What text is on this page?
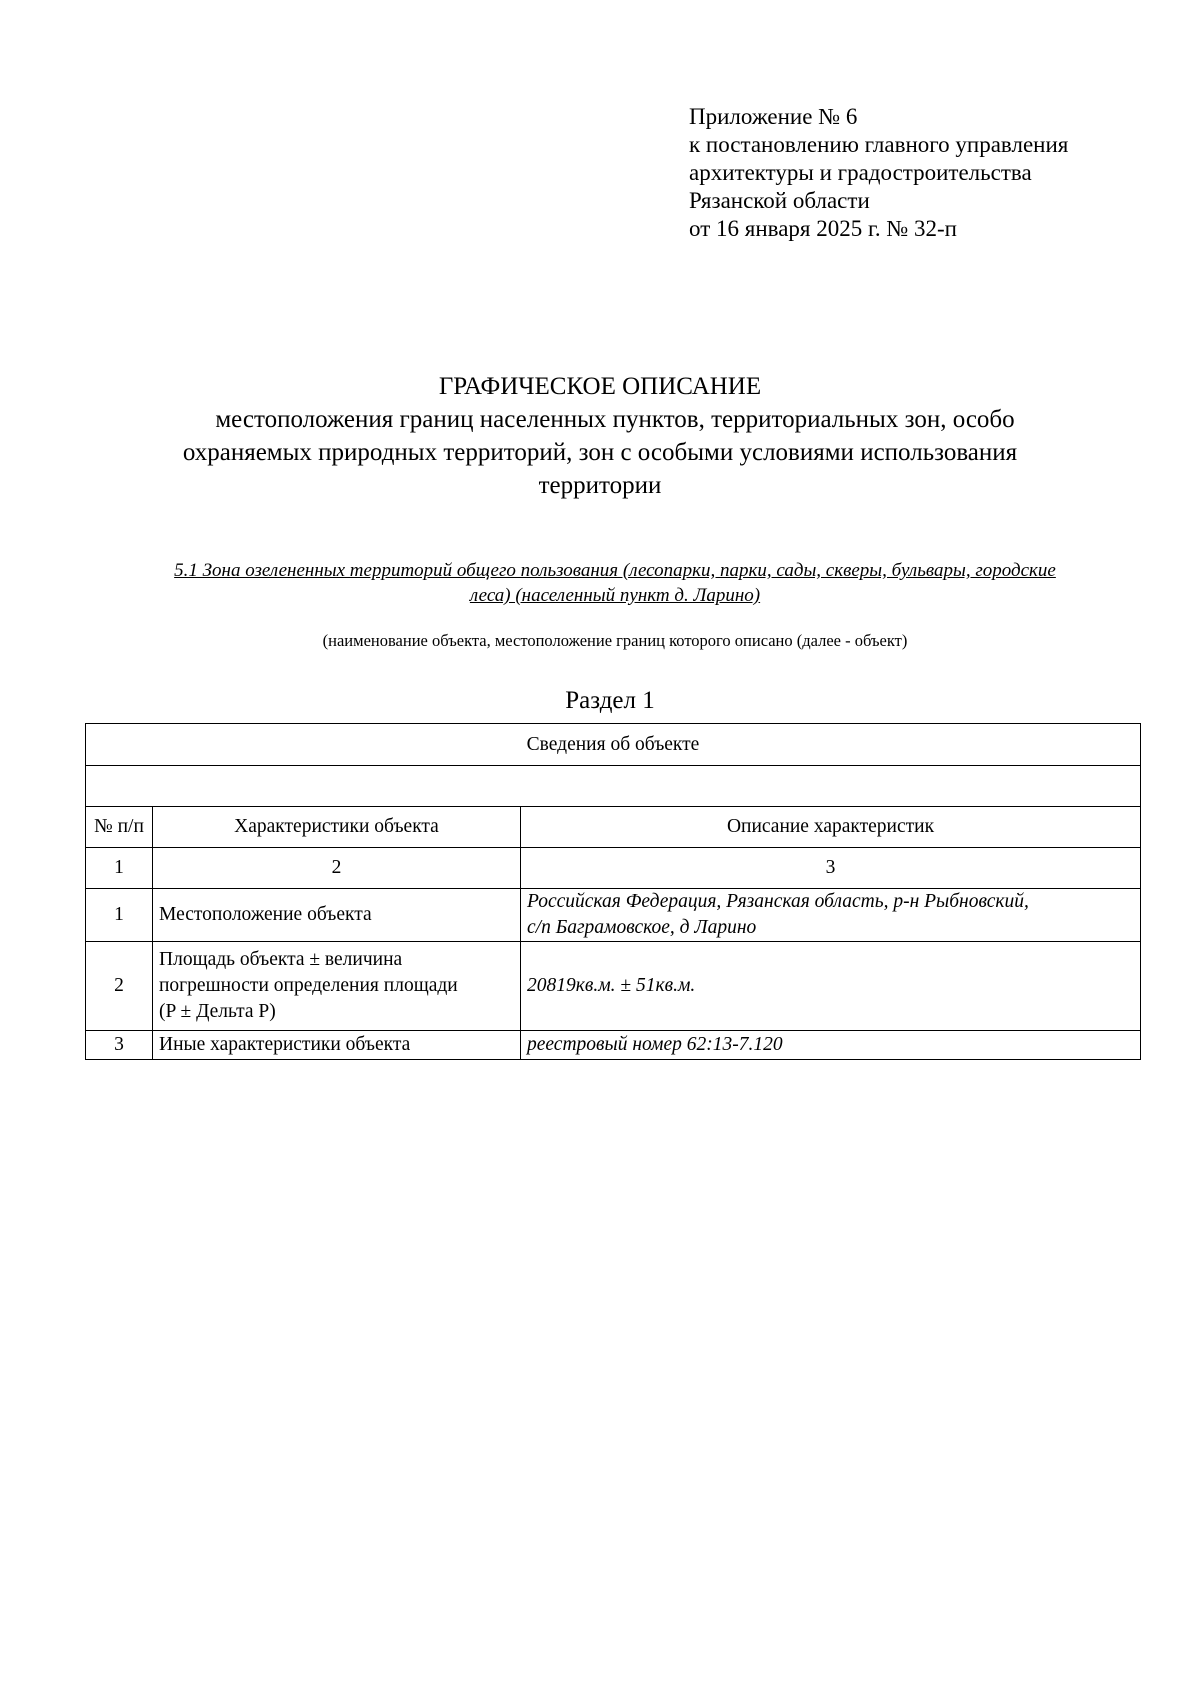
Приложение № 6
к постановлению главного управления
архитектуры и градостроительства
Рязанской области
от 16 января 2025 г. № 32-п
ГРАФИЧЕСКОЕ ОПИСАНИЕ
местоположения границ населенных пунктов, территориальных зон, особо
охраняемых природных территорий, зон с особыми условиями использования
территории
5.1 Зона озелененных территорий общего пользования (лесопарки, парки, сады, скверы, бульвары, городские
леса) (населенный пункт д. Ларино)
(наименование объекта, местоположение границ которого описано (далее - объект)
Раздел 1
Сведения об объекте		

№ п/п	Характеристики объекта	Описание характеристик
1	2	3
1	Местоположение объекта	Российская Федерация, Рязанская область, р-н Рыбновский,
с/п Баграмовское, д Ларино

2	Площадь объекта ± величина
погрешности определения площади
(P ± Дельта P)	20819кв.м. ± 51кв.м.
3	Иные характеристики объекта	реестровый номер 62:13-7.120
